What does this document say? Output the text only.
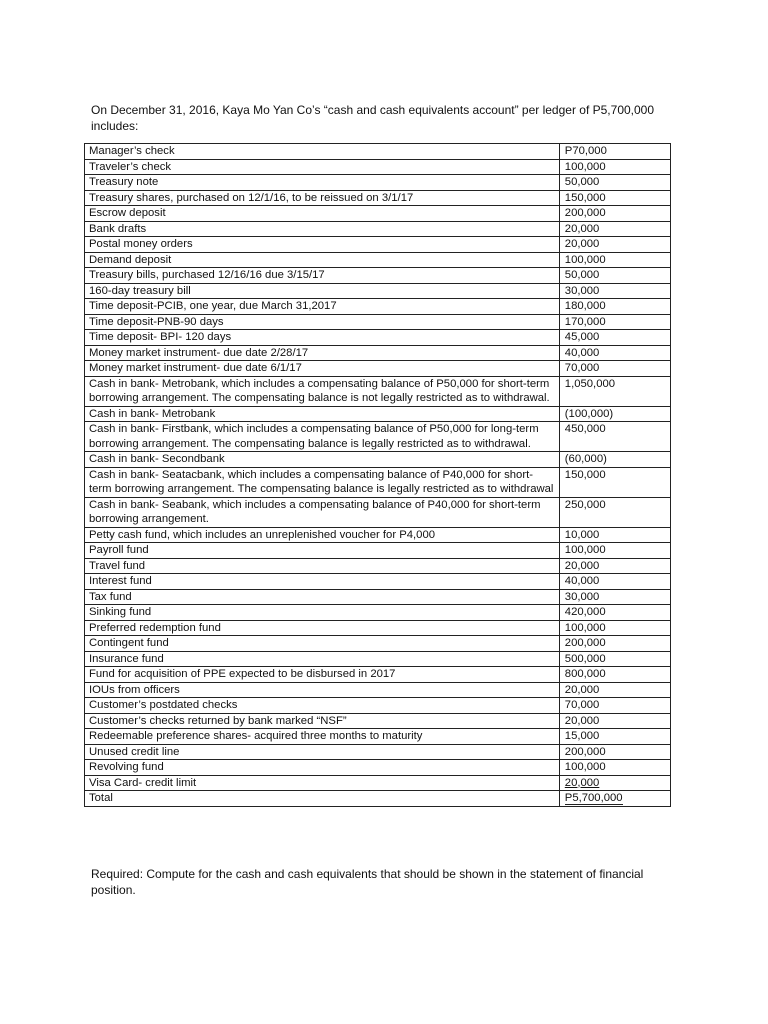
On December 31, 2016, Kaya Mo Yan Co’s “cash and cash equivalents account” per ledger of P5,700,000 includes:
Manager’s check	P70,000
Traveler’s check	100,000
Treasury note	50,000
Treasury shares, purchased on 12/1/16, to be reissued on 3/1/17	150,000
Escrow deposit	200,000
Bank drafts	20,000
Postal money orders	20,000
Demand deposit	100,000
Treasury bills, purchased 12/16/16 due 3/15/17	50,000
160-day treasury bill	30,000
Time deposit-PCIB, one year, due March 31,2017	180,000
Time deposit-PNB-90 days	170,000
Time deposit- BPI- 120 days	45,000
Money market instrument- due date 2/28/17	40,000
Money market instrument- due date 6/1/17	70,000
Cash in bank- Metrobank, which includes a compensating balance of P50,000 for short-term borrowing arrangement. The compensating balance is not legally restricted as to withdrawal.	1,050,000
Cash in bank- Metrobank	(100,000)
Cash in bank- Firstbank, which includes a compensating balance of P50,000 for long-term borrowing arrangement. The compensating balance is legally restricted as to withdrawal.	450,000
Cash in bank- Secondbank	(60,000)
Cash in bank- Seatacbank, which includes a compensating balance of P40,000 for short-term borrowing arrangement. The compensating balance is legally restricted as to withdrawal	150,000
Cash in bank- Seabank, which includes a compensating balance of P40,000 for short-term borrowing arrangement.	250,000
Petty cash fund, which includes an unreplenished voucher for P4,000	10,000
Payroll fund	100,000
Travel fund	20,000
Interest fund	40,000
Tax fund	30,000
Sinking fund	420,000
Preferred redemption fund	100,000
Contingent fund	200,000
Insurance fund	500,000
Fund for acquisition of PPE expected to be disbursed in 2017	800,000
IOUs from officers	20,000
Customer’s postdated checks	70,000
Customer’s checks returned by bank marked “NSF”	20,000
Redeemable preference shares- acquired three months to maturity	15,000
Unused credit line	200,000
Revolving fund	100,000
Visa Card- credit limit	20,000
Total	P5,700,000
Required: Compute for the cash and cash equivalents that should be shown in the statement of financial position.
